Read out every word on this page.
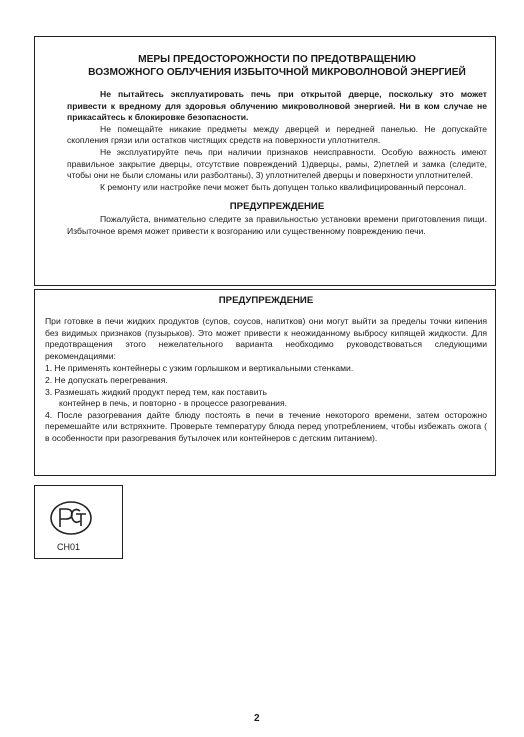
МЕРЫ ПРЕДОСТОРОЖНОСТИ ПО ПРЕДОТВРАЩЕНИЮ

ВОЗМОЖНОГО ОБЛУЧЕНИЯ ИЗБЫТОЧНОЙ МИКРОВОЛНОВОЙ ЭНЕРГИЕЙ

Не пытайтесь эксплуатировать печь при открытой дверце, поскольку это может привести к вредному для здоровья облучению микроволновой энергией. Ни в ком случае не прикасайтесь к блокировке безопасности.

Не помещайте никакие предметы между дверцей и передней панелью. Не допускайте скопления грязи или остатков чистящих средств на поверхности уплотнителя.

Не эксплуатируйте печь при наличии признаков неисправности. Особую важность имеют правильное закрытие дверцы, отсутствие повреждений 1)дверцы, рамы, 2)петлей и замка (следите, чтобы они не были сломаны или разболтаны), 3) уплотнителей дверцы и поверхности уплотнителей.

К ремонту или настройке печи может быть допущен только квалифицированный персонал.

ПРЕДУПРЕЖДЕНИЕ

Пожалуйста, внимательно следите за правильностью установки времени приготовления пищи. Избыточное время может привести к возгоранию или существенному повреждению печи.

ПРЕДУПРЕЖДЕНИЕ

При готовке в печи жидких продуктов (супов, соусов, напитков) они могут выйти за пределы точки кипения без видимых признаков (пузырьков). Это может привести к неожиданному выбросу кипящей жидкости. Для предотвращения этого нежелательного варианта необходимо руководствоваться следующими рекомендациями:

1. Не применять контейнеры с узким горлышком и вертикальными стенками.

2. Не допускать перегревания.

3. Размешать жидкий продукт перед тем, как поставить

контейнер в печь, и повторно - в процессе разогревания.

4. После разогревания дайте блюду постоять в печи в течение некоторого времени, затем осторожно перемешайте или встряхните. Проверьте температуру блюда перед употреблением, чтобы избежать ожога ( в особенности при разогревания бутылочек или контейнеров с детским питанием).

CH01
2
